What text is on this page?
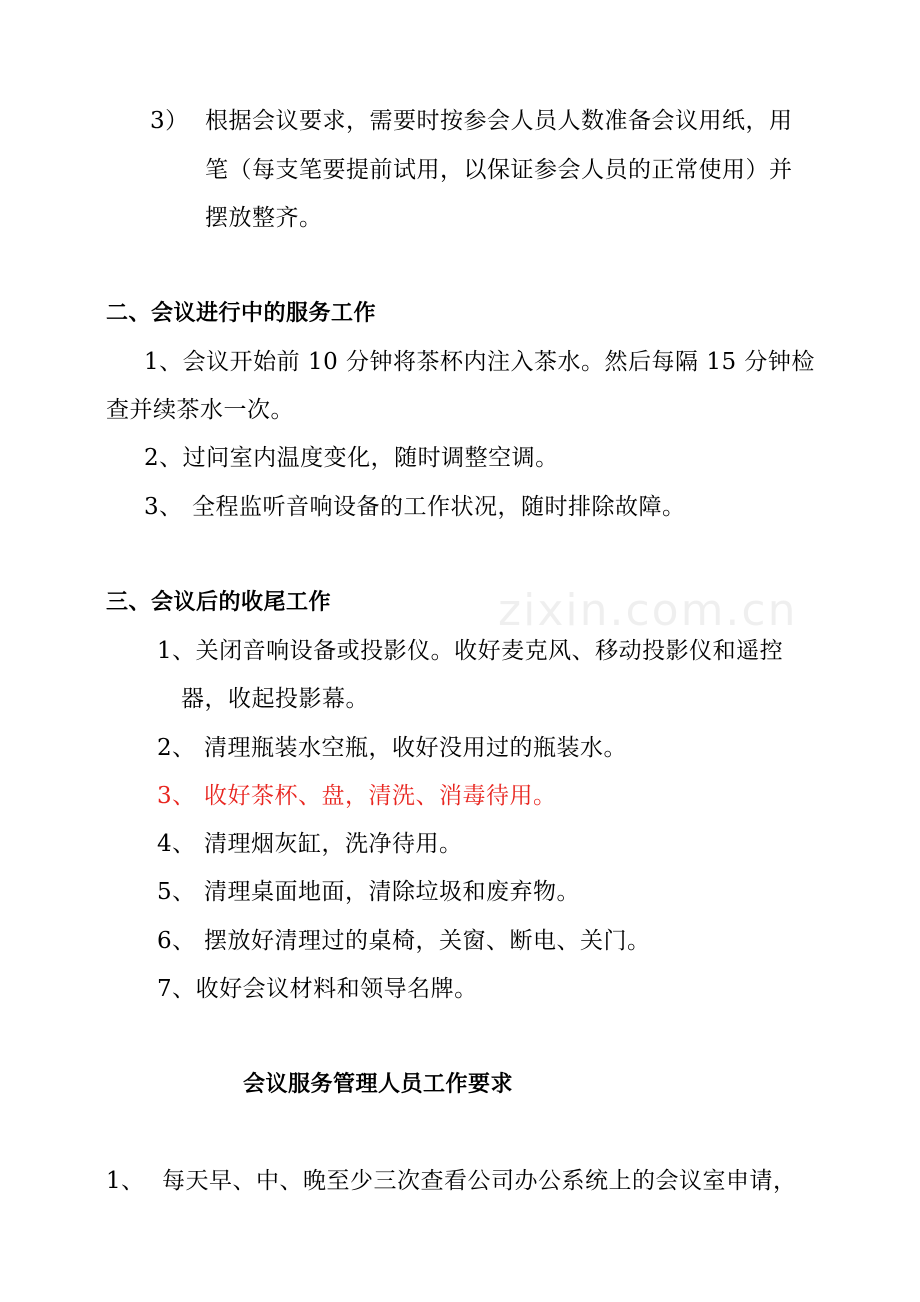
zixin.com.cn
3） 根据会议要求，需要时按参会人员人数准备会议用纸，用
笔（每支笔要提前试用，以保证参会人员的正常使用）并
摆放整齐。
二、会议进行中的服务工作
1、会议开始前 10 分钟将茶杯内注入茶水。然后每隔 15 分钟检
查并续茶水一次。
2、过问室内温度变化，随时调整空调。
3、 全程监听音响设备的工作状况，随时排除故障。
三、会议后的收尾工作
1、关闭音响设备或投影仪。收好麦克风、移动投影仪和遥控
器，收起投影幕。
2、 清理瓶装水空瓶，收好没用过的瓶装水。
3、 收好茶杯、盘，清洗、消毒待用。
4、 清理烟灰缸，洗净待用。
5、 清理桌面地面，清除垃圾和废弃物。
6、 摆放好清理过的桌椅，关窗、断电、关门。
7、收好会议材料和领导名牌。
会议服务管理人员工作要求
1、 每天早、中、晚至少三次查看公司办公系统上的会议室申请，
